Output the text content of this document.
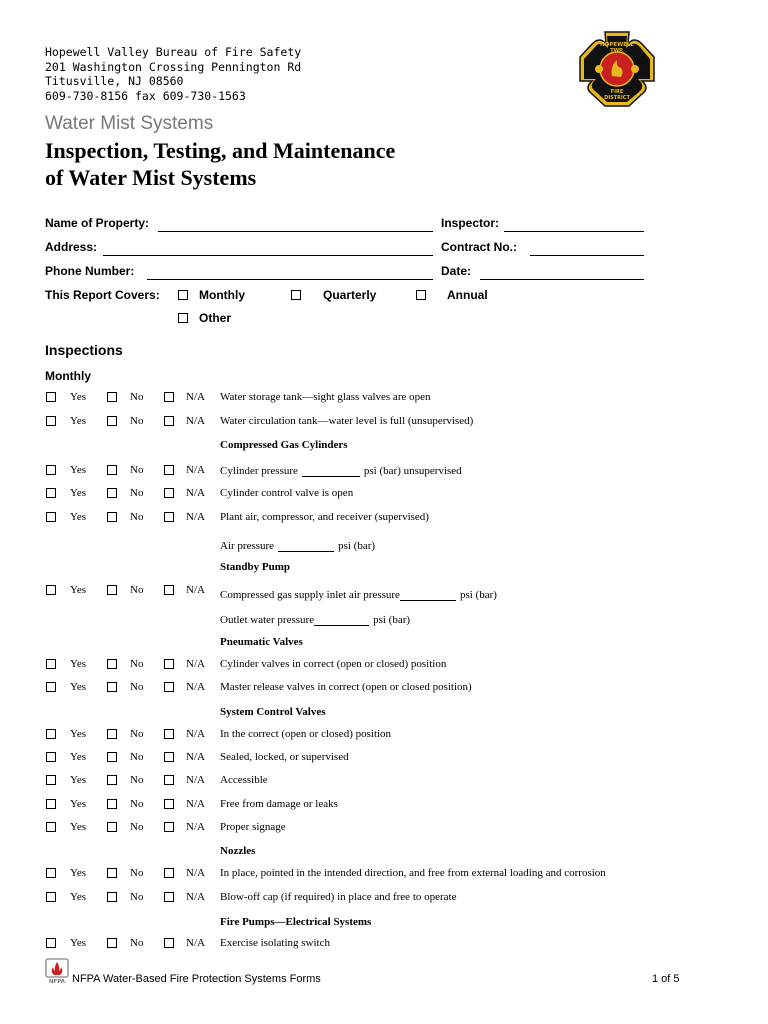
Hopewell Valley Bureau of Fire Safety
201 Washington Crossing Pennington Rd
Titusville, NJ 08560
609-730-8156 fax 609-730-1563
HOPEWELL
TWP.
FIRE
DISTRICT
Water Mist Systems
Inspection, Testing, and Maintenance
of Water Mist Systems
Name of Property:	Inspector:
Address:	Contract No.:
Phone Number:	Date:
This Report Covers:	Monthly	Quarterly	Annual
Other
Inspections
Monthly
Yes	No	N/A Water storage tank—sight glass valves are open
Yes	No	N/A Water circulation tank—water level is full (unsupervised)
Yes	No	N/A Cylinder pressure	psi (bar) unsupervised
Yes	No	N/A Cylinder control valve is open
Yes	No	N/A Plant air, compressor, and receiver (supervised)
Yes	No	N/A Compressed gas supply inlet air pressure	psi (bar)
Yes	No	N/A Cylinder valves in correct (open or closed) position
Yes	No	N/A Master release valves in correct (open or closed position)
Yes	No	N/A In the correct (open or closed) position
Yes	No	N/A Sealed, locked, or supervised
Yes	No	N/A Accessible
Yes	No	N/A Free from damage or leaks
Yes	No	N/A Proper signage
Yes	No	N/A In place, pointed in the intended direction, and free from external loading and corrosion
Yes	No	N/A Blow-off cap (if required) in place and free to operate
Yes	No	N/A Exercise isolating switch
Compressed Gas Cylinders
Air pressure	psi (bar)
Standby Pump
Outlet water pressure	psi (bar)
Pneumatic Valves
System Control Valves
Nozzles
Fire Pumps—Electrical Systems
NFPA NFPA Water-Based Fire Protection Systems Forms	1 of 5
